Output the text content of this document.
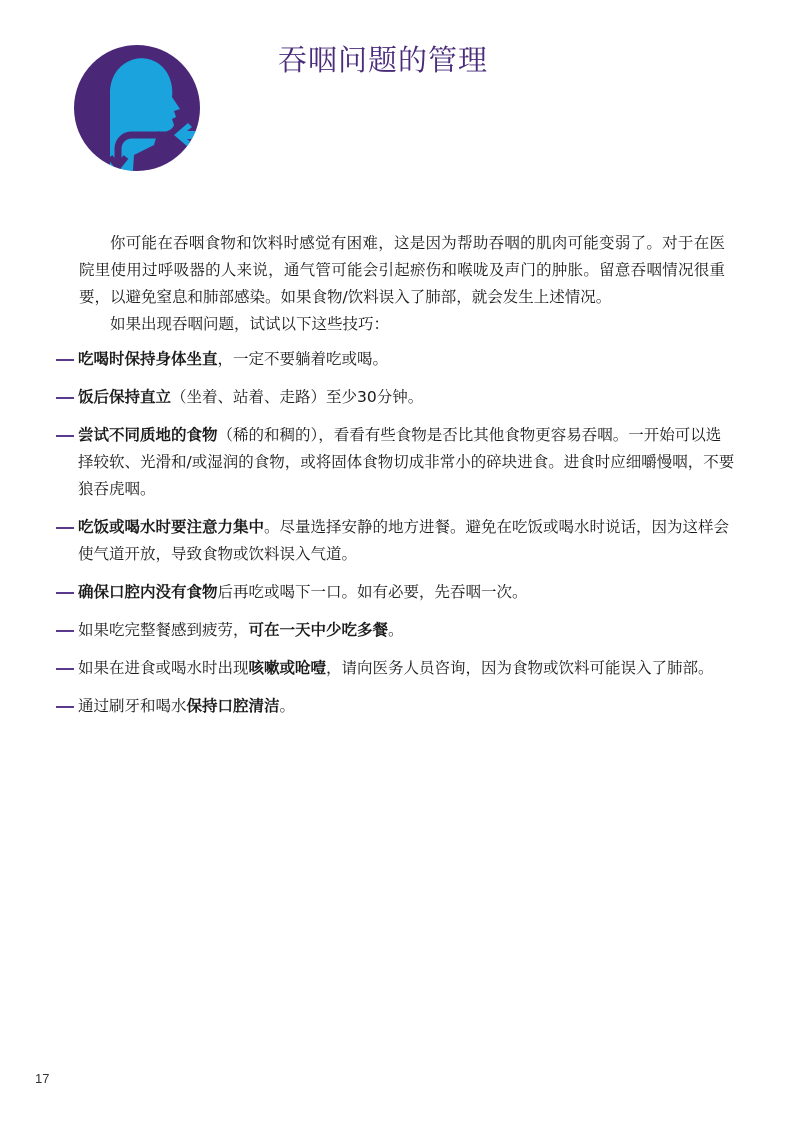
吞咽问题的管理

你可能在吞咽食物和饮料时感觉有困难，这是因为帮助吞咽的肌肉可能变弱了。对于在医院里使用过呼吸器的人来说，通气管可能会引起瘀伤和喉咙及声门的肿胀。留意吞咽情况很重要，以避免窒息和肺部感染。如果食物/饮料误入了肺部，就会发生上述情况。

如果出现吞咽问题，试试以下这些技巧：
吃喝时保持身体坐直，一定不要躺着吃或喝。
饭后保持直立（坐着、站着、走路）至少30分钟。
尝试不同质地的食物（稀的和稠的），看看有些食物是否比其他食物更容易吞咽。一开始可以选择较软、光滑和/或湿润的食物，或将固体食物切成非常小的碎块进食。进食时应细嚼慢咽，不要狼吞虎咽。
吃饭或喝水时要注意力集中。尽量选择安静的地方进餐。避免在吃饭或喝水时说话，因为这样会使气道开放，导致食物或饮料误入气道。
确保口腔内没有食物后再吃或喝下一口。如有必要，先吞咽一次。
如果吃完整餐感到疲劳，可在一天中少吃多餐。
如果在进食或喝水时出现咳嗽或呛噎，请向医务人员咨询，因为食物或饮料可能误入了肺部。
通过刷牙和喝水保持口腔清洁。
17
